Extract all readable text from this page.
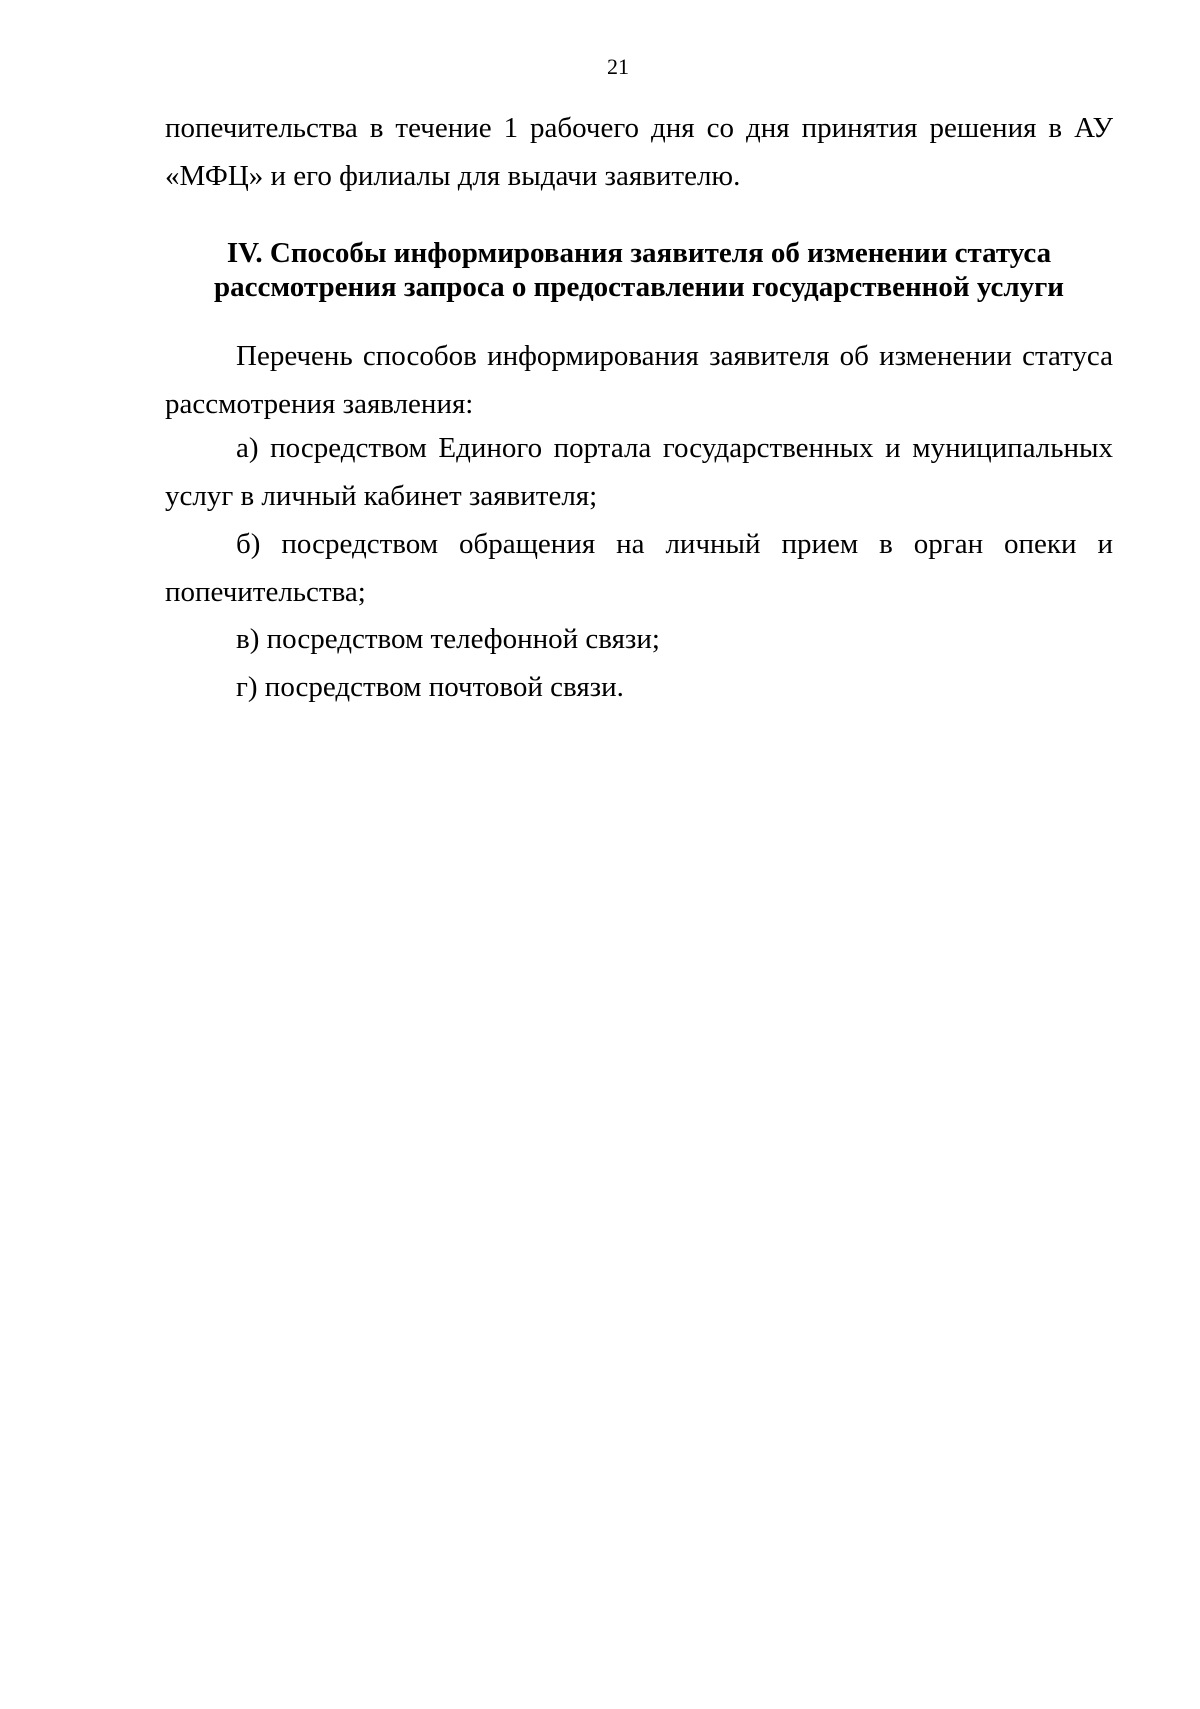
21

попечительства в течение 1 рабочего дня со дня принятия решения в АУ «МФЦ» и его филиалы для выдачи заявителю.

IV. Способы информирования заявителя об изменении статуса
рассмотрения запроса о предоставлении государственной услуги

Перечень способов информирования заявителя об изменении статуса рассмотрения заявления:

а) посредством Единого портала государственных и муниципальных услуг в личный кабинет заявителя;

б) посредством обращения на личный прием в орган опеки и попечительства;

в) посредством телефонной связи;

г) посредством почтовой связи.
